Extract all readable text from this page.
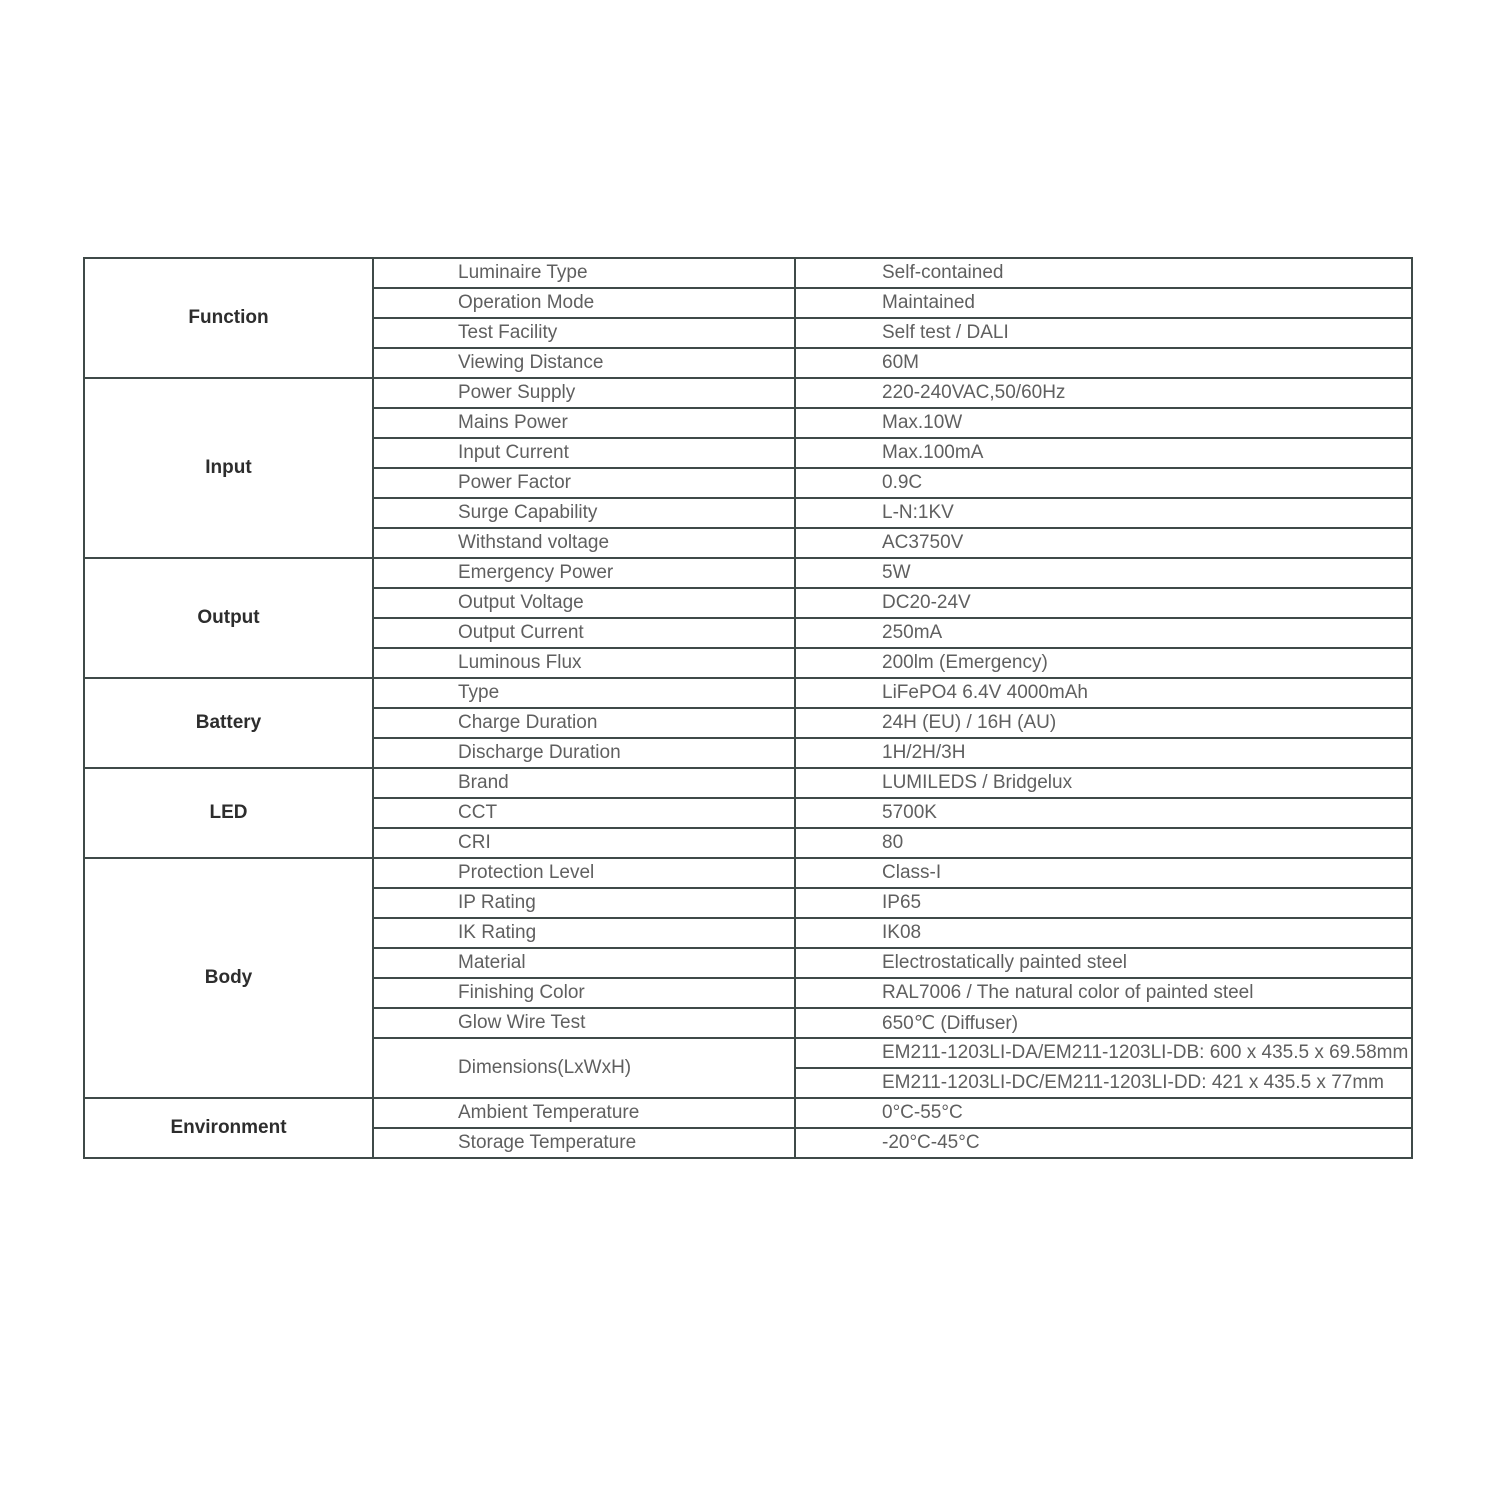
Function	Luminaire Type	Self-contained
	Operation Mode	Maintained
	Test Facility	Self test / DALI
	Viewing Distance	60M
Input	Power Supply	220-240VAC,50/60Hz
	Mains Power	Max.10W
	Input Current	Max.100mA
	Power Factor	0.9C
	Surge Capability	L-N:1KV
	Withstand voltage	AC3750V
Output	Emergency Power	5W
	Output Voltage	DC20-24V
	Output Current	250mA
	Luminous Flux	200lm (Emergency)
Battery	Type	LiFePO4 6.4V 4000mAh
	Charge Duration	24H (EU) / 16H (AU)
	Discharge Duration	1H/2H/3H
LED	Brand	LUMILEDS / Bridgelux
	CCT	5700K
	CRI	80
Body	Protection Level	Class-I
	IP Rating	IP65
	IK Rating	IK08
	Material	Electrostatically painted steel
	Finishing Color	RAL7006 / The natural color of painted steel
	Glow Wire Test	650℃ (Diffuser)
	Dimensions(LxWxH)	EM211-1203LI-DA/EM211-1203LI-DB: 600 x 435.5 x 69.58mm
		EM211-1203LI-DC/EM211-1203LI-DD: 421 x 435.5 x 77mm
Environment	Ambient Temperature	0°C-55°C
	Storage Temperature	-20°C-45°C
